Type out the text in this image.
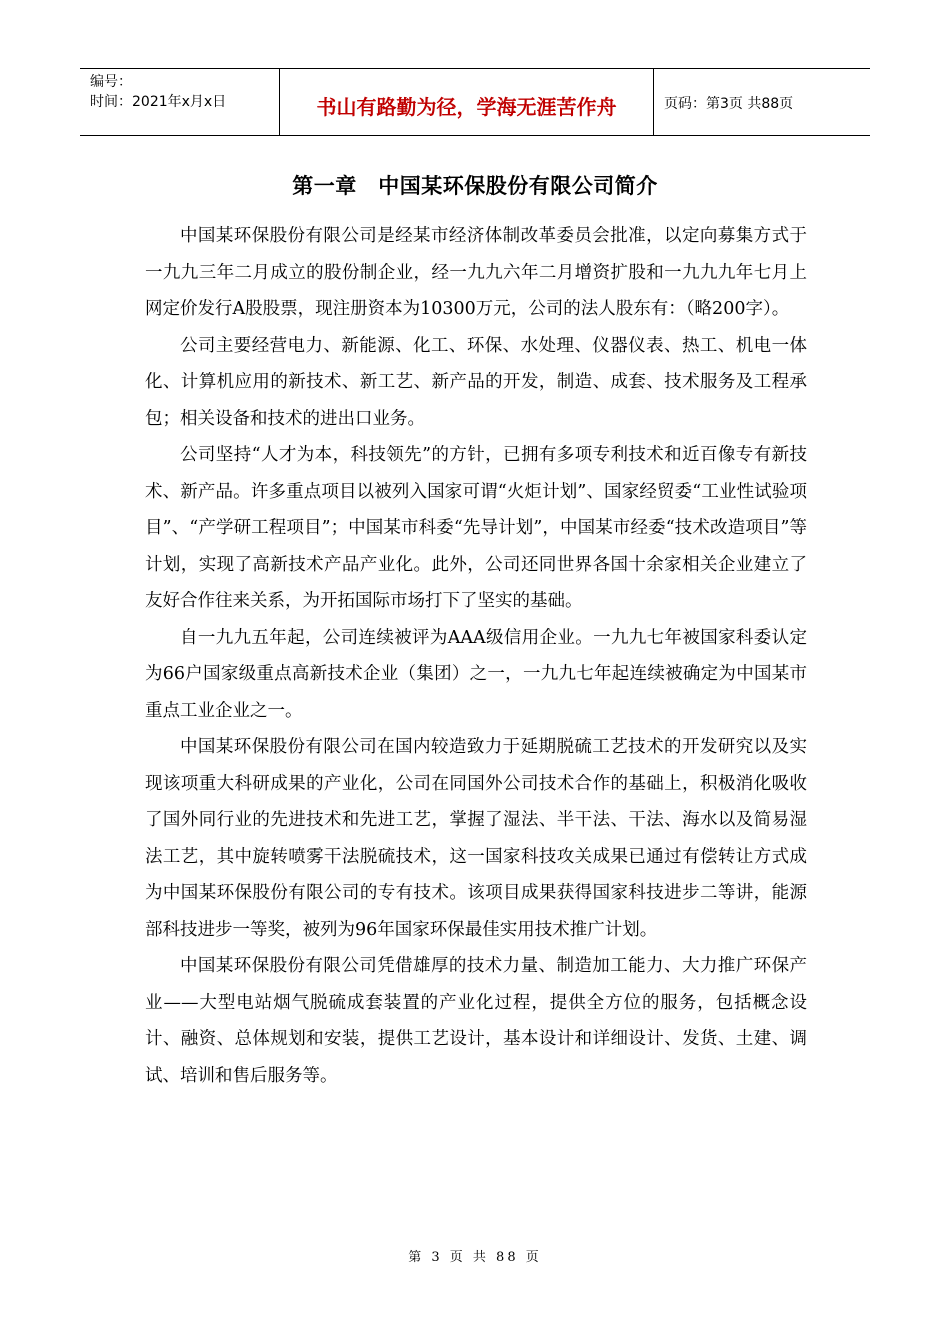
编号：
时间：2021年x月x日	书山有路勤为径，学海无涯苦作舟	页码：第3页 共88页
第一章　中国某环保股份有限公司简介

中国某环保股份有限公司是经某市经济体制改革委员会批准，以定向募集方式于一九九三年二月成立的股份制企业，经一九九六年二月增资扩股和一九九九年七月上网定价发行A股股票，现注册资本为10300万元，公司的法人股东有：（略200字）。

公司主要经营电力、新能源、化工、环保、水处理、仪器仪表、热工、机电一体化、计算机应用的新技术、新工艺、新产品的开发，制造、成套、技术服务及工程承包；相关设备和技术的进出口业务。

公司坚持“人才为本，科技领先”的方针，已拥有多项专利技术和近百像专有新技术、新产品。许多重点项目以被列入国家可谓“火炬计划”、国家经贸委“工业性试验项目”、“产学研工程项目”；中国某市科委“先导计划”，中国某市经委“技术改造项目”等计划，实现了高新技术产品产业化。此外，公司还同世界各国十余家相关企业建立了友好合作往来关系，为开拓国际市场打下了坚实的基础。

自一九九五年起，公司连续被评为AAA级信用企业。一九九七年被国家科委认定为66户国家级重点高新技术企业（集团）之一，一九九七年起连续被确定为中国某市重点工业企业之一。

中国某环保股份有限公司在国内较造致力于延期脱硫工艺技术的开发研究以及实现该项重大科研成果的产业化，公司在同国外公司技术合作的基础上，积极消化吸收了国外同行业的先进技术和先进工艺，掌握了湿法、半干法、干法、海水以及简易湿法工艺，其中旋转喷雾干法脱硫技术，这一国家科技攻关成果已通过有偿转让方式成为中国某环保股份有限公司的专有技术。该项目成果获得国家科技进步二等讲，能源部科技进步一等奖，被列为96年国家环保最佳实用技术推广计划。

中国某环保股份有限公司凭借雄厚的技术力量、制造加工能力、大力推广环保产业——大型电站烟气脱硫成套装置的产业化过程，提供全方位的服务，包括概念设计、融资、总体规划和安装，提供工艺设计，基本设计和详细设计、发货、土建、调试、培训和售后服务等。

第 3 页 共 88 页
